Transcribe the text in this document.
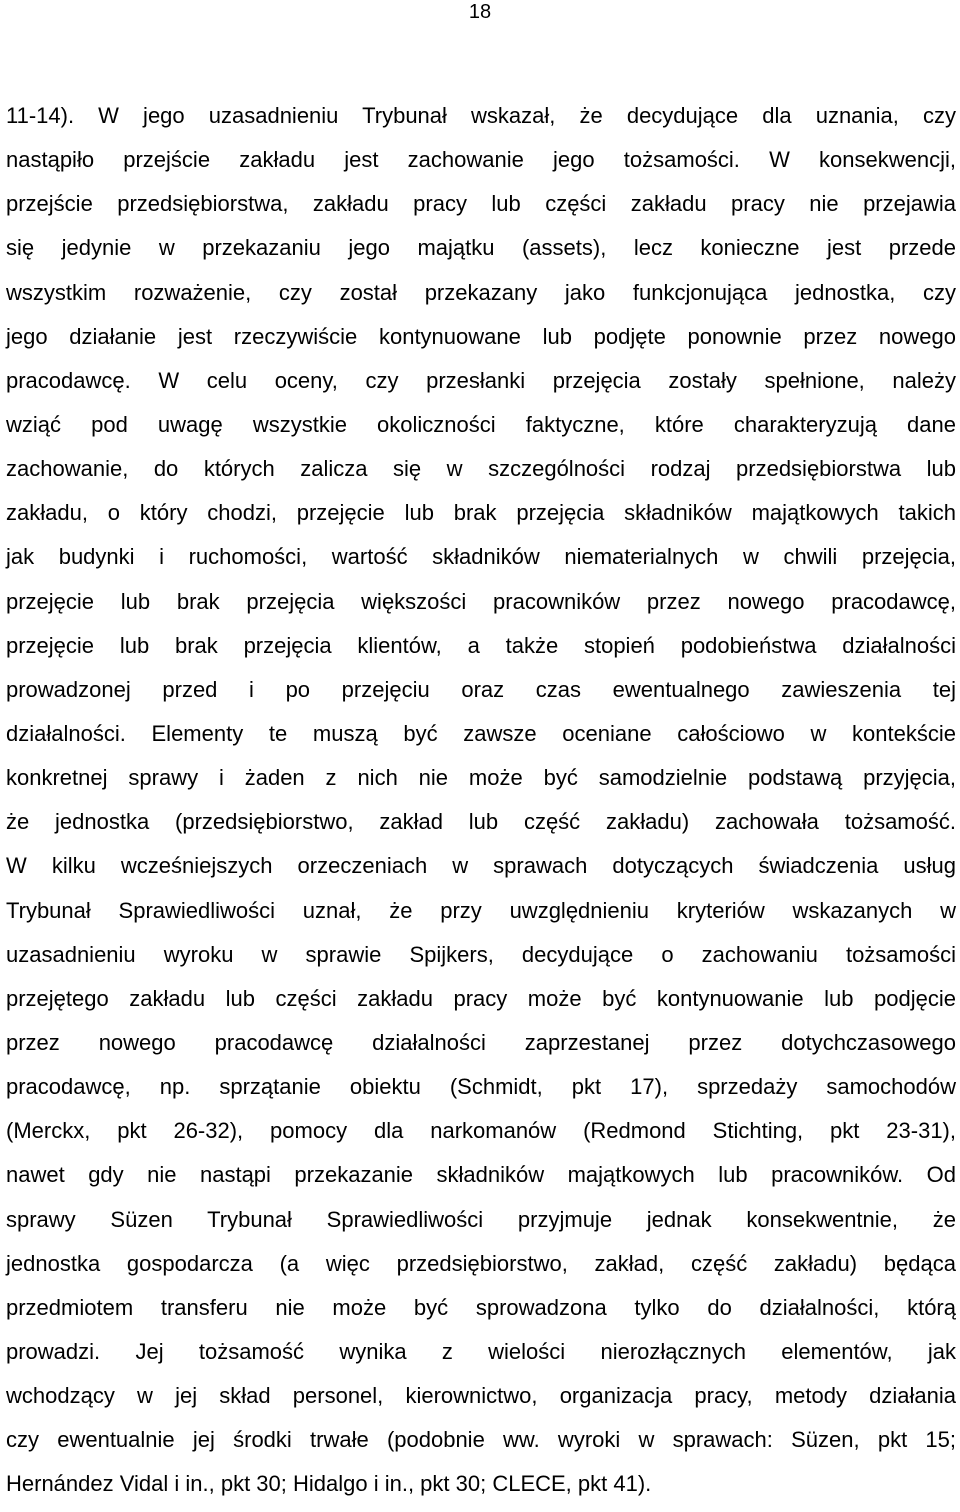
18
11-14). W jego uzasadnieniu Trybunał wskazał, że decydujące dla uznania, czy
nastąpiło przejście zakładu jest zachowanie jego tożsamości. W konsekwencji,
przejście przedsiębiorstwa, zakładu pracy lub części zakładu pracy nie przejawia
się jedynie w przekazaniu jego majątku (assets), lecz konieczne jest przede
wszystkim rozważenie, czy został przekazany jako funkcjonująca jednostka, czy
jego działanie jest rzeczywiście kontynuowane lub podjęte ponownie przez nowego
pracodawcę. W celu oceny, czy przesłanki przejęcia zostały spełnione, należy
wziąć pod uwagę wszystkie okoliczności faktyczne, które charakteryzują dane
zachowanie, do których zalicza się w szczególności rodzaj przedsiębiorstwa lub
zakładu, o który chodzi, przejęcie lub brak przejęcia składników majątkowych takich
jak budynki i ruchomości, wartość składników niematerialnych w chwili przejęcia,
przejęcie lub brak przejęcia większości pracowników przez nowego pracodawcę,
przejęcie lub brak przejęcia klientów, a także stopień podobieństwa działalności
prowadzonej przed i po przejęciu oraz czas ewentualnego zawieszenia tej
działalności. Elementy te muszą być zawsze oceniane całościowo w kontekście
konkretnej sprawy i żaden z nich nie może być samodzielnie podstawą przyjęcia,
że jednostka (przedsiębiorstwo, zakład lub część zakładu) zachowała tożsamość.
W kilku wcześniejszych orzeczeniach w sprawach dotyczących świadczenia usług
Trybunał Sprawiedliwości uznał, że przy uwzględnieniu kryteriów wskazanych w
uzasadnieniu wyroku w sprawie Spijkers, decydujące o zachowaniu tożsamości
przejętego zakładu lub części zakładu pracy może być kontynuowanie lub podjęcie
przez nowego pracodawcę działalności zaprzestanej przez dotychczasowego
pracodawcę, np. sprzątanie obiektu (Schmidt, pkt 17), sprzedaży samochodów
(Merckx, pkt 26-32), pomocy dla narkomanów (Redmond Stichting, pkt 23-31),
nawet gdy nie nastąpi przekazanie składników majątkowych lub pracowników. Od
sprawy Süzen Trybunał Sprawiedliwości przyjmuje jednak konsekwentnie, że
jednostka gospodarcza (a więc przedsiębiorstwo, zakład, część zakładu) będąca
przedmiotem transferu nie może być sprowadzona tylko do działalności, którą
prowadzi. Jej tożsamość wynika z wielości nierozłącznych elementów, jak
wchodzący w jej skład personel, kierownictwo, organizacja pracy, metody działania
czy ewentualnie jej środki trwałe (podobnie ww. wyroki w sprawach: Süzen, pkt 15;
Hernández Vidal i in., pkt 30; Hidalgo i in., pkt 30; CLECE, pkt 41).
